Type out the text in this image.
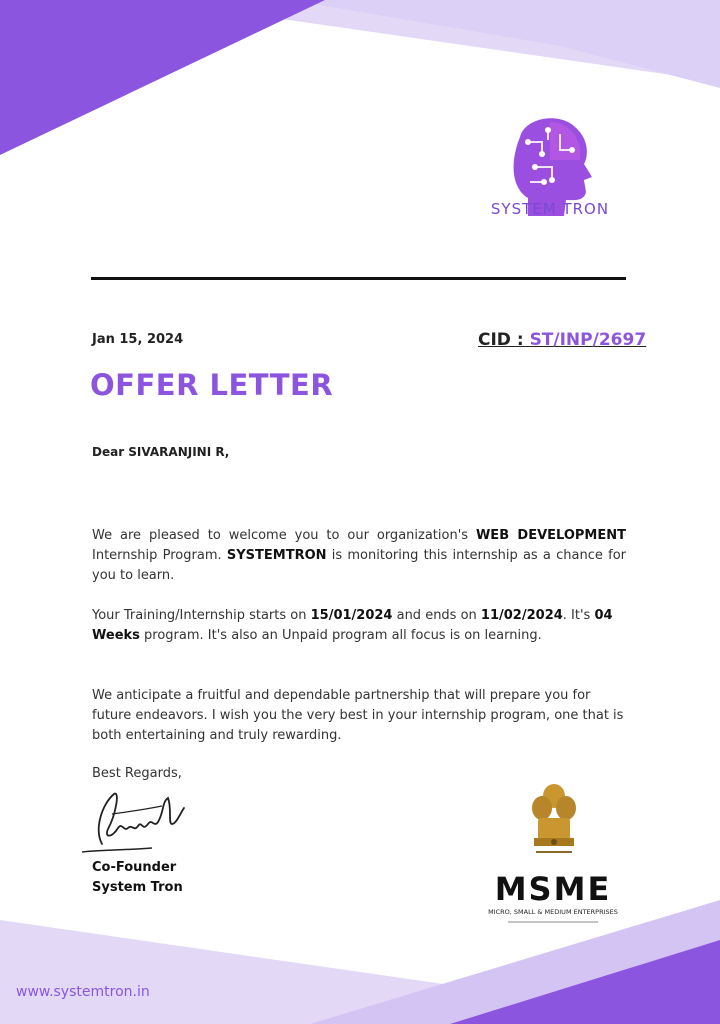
SYSTEM TRON
Jan 15, 2024	CID : ST/INP/2697
OFFER LETTER
Dear SIVARANJINI R,
We are pleased to welcome you to our organization's WEB DEVELOPMENT Internship Program. SYSTEMTRON is monitoring this internship as a chance for you to learn.
Your Training/Internship starts on 15/01/2024 and ends on 11/02/2024. It's 04 Weeks program. It's also an Unpaid program all focus is on learning.
We anticipate a fruitful and dependable partnership that will prepare you for future endeavors. I wish you the very best in your internship program, one that is both entertaining and truly rewarding.
Best Regards,
Co-Founder
System Tron	MSME
MICRO, SMALL & MEDIUM ENTERPRISES
www.systemtron.in
